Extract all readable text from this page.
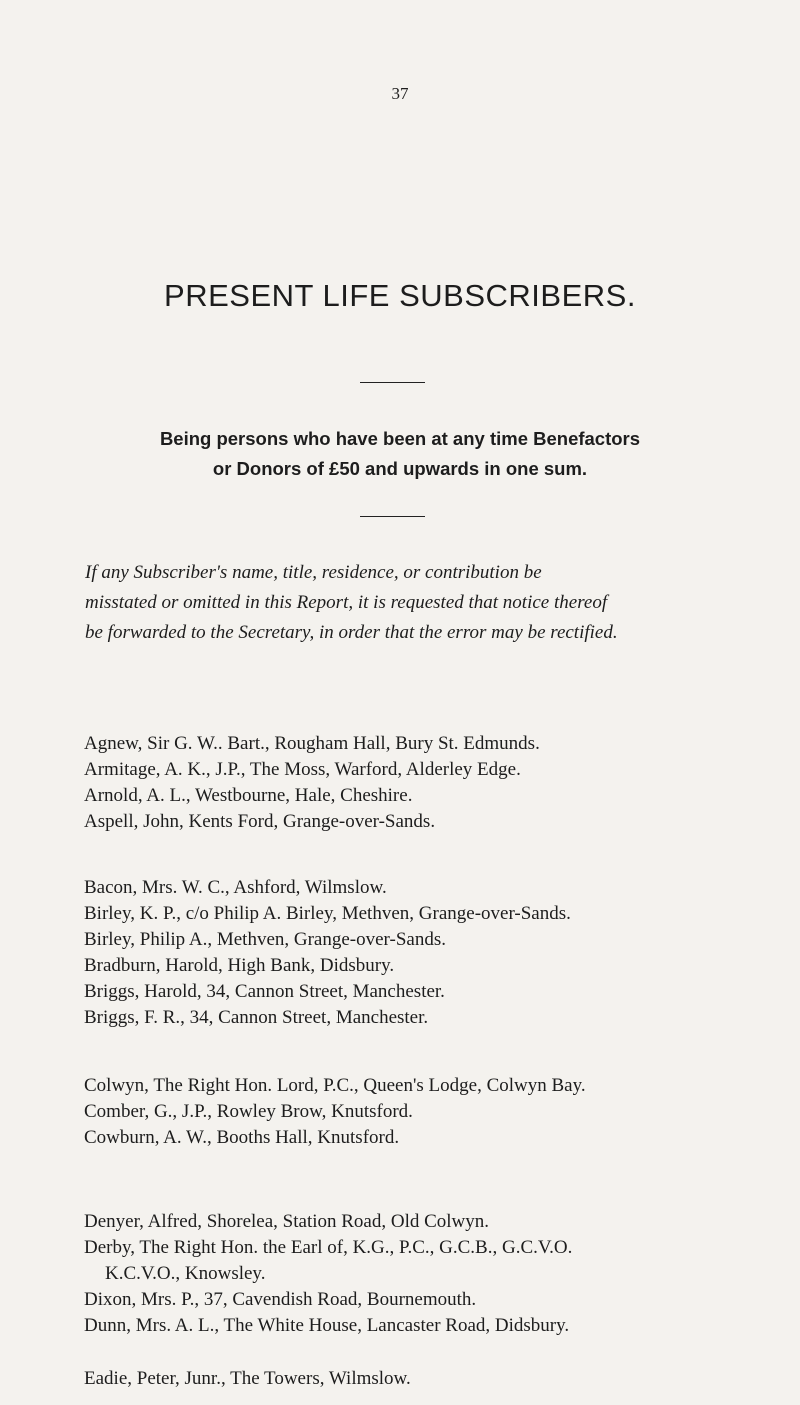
37
PRESENT LIFE SUBSCRIBERS.
Being persons who have been at any time Benefactors
or Donors of £50 and upwards in one sum.
If any Subscriber's name, title, residence, or contribution be
misstated or omitted in this Report, it is requested that notice thereof
be forwarded to the Secretary, in order that the error may be rectified.
Agnew, Sir G. W.. Bart., Rougham Hall, Bury St. Edmunds.
Armitage, A. K., J.P., The Moss, Warford, Alderley Edge.
Arnold, A. L., Westbourne, Hale, Cheshire.
Aspell, John, Kents Ford, Grange-over-Sands.
Bacon, Mrs. W. C., Ashford, Wilmslow.
Birley, K. P., c/o Philip A. Birley, Methven, Grange-over-Sands.
Birley, Philip A., Methven, Grange-over-Sands.
Bradburn, Harold, High Bank, Didsbury.
Briggs, Harold, 34, Cannon Street, Manchester.
Briggs, F. R., 34, Cannon Street, Manchester.
Colwyn, The Right Hon. Lord, P.C., Queen's Lodge, Colwyn Bay.
Comber, G., J.P., Rowley Brow, Knutsford.
Cowburn, A. W., Booths Hall, Knutsford.
Denyer, Alfred, Shorelea, Station Road, Old Colwyn.
Derby, The Right Hon. the Earl of, K.G., P.C., G.C.B., G.C.V.O.
K.C.V.O., Knowsley.
Dixon, Mrs. P., 37, Cavendish Road, Bournemouth.
Dunn, Mrs. A. L., The White House, Lancaster Road, Didsbury.
Eadie, Peter, Junr., The Towers, Wilmslow.
